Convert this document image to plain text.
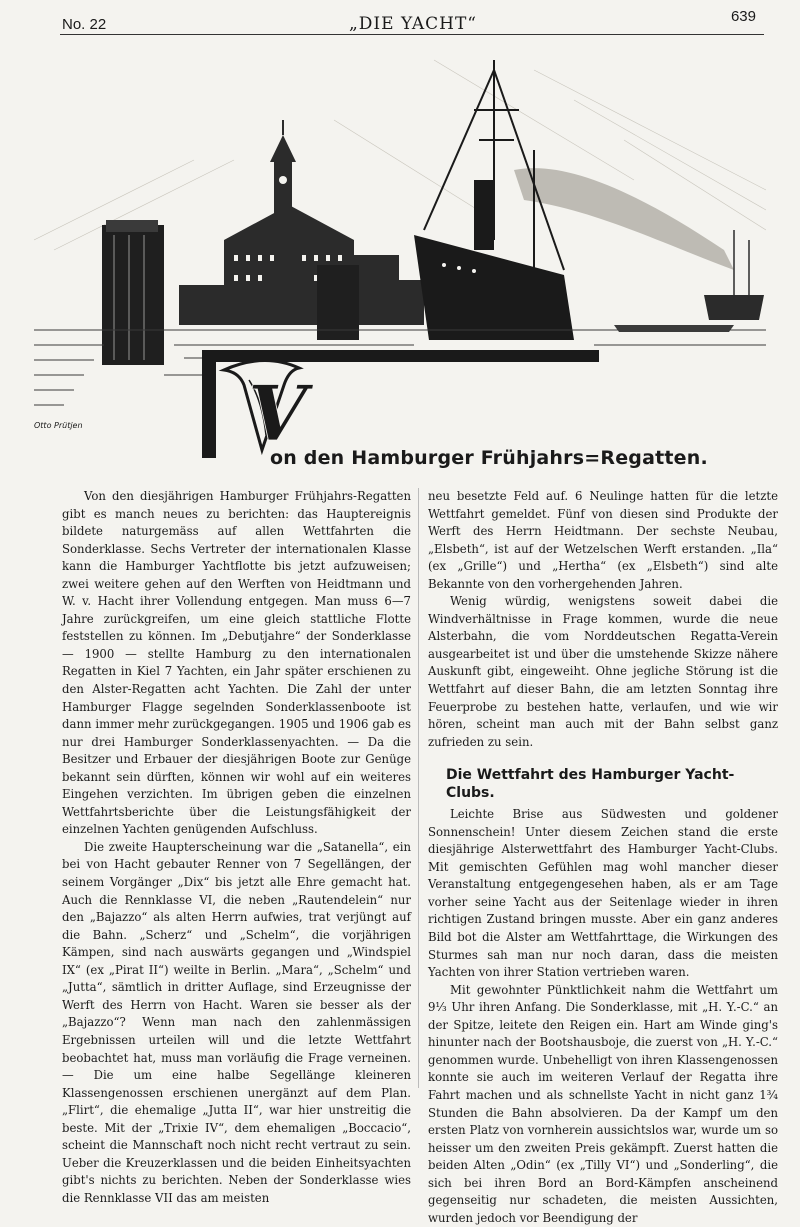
No. 22	„DIE YACHT“	639
V
Otto Prütjen
on den Hamburger Frühjahrs=Regatten.

Von den diesjährigen Hamburger Frühjahrs-Regatten gibt es manch neues zu berichten: das Hauptereignis bildete naturgemäss auf allen Wettfahrten die Sonderklasse. Sechs Vertreter der internationalen Klasse kann die Hamburger Yachtflotte bis jetzt aufzuweisen; zwei weitere gehen auf den Werften von Heidtmann und W. v. Hacht ihrer Vollendung entgegen. Man muss 6—7 Jahre zurückgreifen, um eine gleich stattliche Flotte feststellen zu können. Im „Debutjahre“ der Sonderklasse — 1900 — stellte Hamburg zu den internationalen Regatten in Kiel 7 Yachten, ein Jahr später erschienen zu den Alster-Regatten acht Yachten. Die Zahl der unter Hamburger Flagge segelnden Sonderklassenboote ist dann immer mehr zurückgegangen. 1905 und 1906 gab es nur drei Hamburger Sonderklassenyachten. — Da die Besitzer und Erbauer der diesjährigen Boote zur Genüge bekannt sein dürften, können wir wohl auf ein weiteres Eingehen verzichten. Im übrigen geben die einzelnen Wettfahrtsberichte über die Leistungsfähigkeit der einzelnen Yachten genügenden Aufschluss.

Die zweite Haupterscheinung war die „Satanella“, ein bei von Hacht gebauter Renner von 7 Segellängen, der seinem Vorgänger „Dix“ bis jetzt alle Ehre gemacht hat. Auch die Rennklasse VI, die neben „Rautendelein“ nur den „Bajazzo“ als alten Herrn aufwies, trat verjüngt auf die Bahn. „Scherz“ und „Schelm“, die vorjährigen Kämpen, sind nach auswärts gegangen und „Windspiel IX“ (ex „Pirat II“) weilte in Berlin. „Mara“, „Schelm“ und „Jutta“, sämtlich in dritter Auflage, sind Erzeugnisse der Werft des Herrn von Hacht. Waren sie besser als der „Bajazzo“? Wenn man nach den zahlenmässigen Ergebnissen urteilen will und die letzte Wettfahrt beobachtet hat, muss man vorläufig die Frage verneinen. — Die um eine halbe Segellänge kleineren Klassengenossen erschienen unergänzt auf dem Plan. „Flirt“, die ehemalige „Jutta II“, war hier unstreitig die beste. Mit der „Trixie IV“, dem ehemaligen „Boccacio“, scheint die Mannschaft noch nicht recht vertraut zu sein. Ueber die Kreuzerklassen und die beiden Einheitsyachten gibt's nichts zu berichten. Neben der Sonderklasse wies die Rennklasse VII das am meisten

neu besetzte Feld auf. 6 Neulinge hatten für die letzte Wettfahrt gemeldet. Fünf von diesen sind Produkte der Werft des Herrn Heidtmann. Der sechste Neubau, „Elsbeth“, ist auf der Wetzelschen Werft erstanden. „Ila“ (ex „Grille“) und „Hertha“ (ex „Elsbeth“) sind alte Bekannte von den vorhergehenden Jahren.

Wenig würdig, wenigstens soweit dabei die Windverhältnisse in Frage kommen, wurde die neue Alsterbahn, die vom Norddeutschen Regatta-Verein ausgearbeitet ist und über die umstehende Skizze nähere Auskunft gibt, eingeweiht. Ohne jegliche Störung ist die Wettfahrt auf dieser Bahn, die am letzten Sonntag ihre Feuerprobe zu bestehen hatte, verlaufen, und wie wir hören, scheint man auch mit der Bahn selbst ganz zufrieden zu sein.

Die Wettfahrt des Hamburger Yacht-Clubs.

Leichte Brise aus Südwesten und goldener Sonnenschein! Unter diesem Zeichen stand die erste diesjährige Alsterwettfahrt des Hamburger Yacht-Clubs. Mit gemischten Gefühlen mag wohl mancher dieser Veranstaltung entgegengesehen haben, als er am Tage vorher seine Yacht aus der Seitenlage wieder in ihren richtigen Zustand bringen musste. Aber ein ganz anderes Bild bot die Alster am Wettfahrttage, die Wirkungen des Sturmes sah man nur noch daran, dass die meisten Yachten von ihrer Station vertrieben waren.

Mit gewohnter Pünktlichkeit nahm die Wettfahrt um 9⅓ Uhr ihren Anfang. Die Sonderklasse, mit „H. Y.-C.“ an der Spitze, leitete den Reigen ein. Hart am Winde ging's hinunter nach der Bootshausboje, die zuerst von „H. Y.-C.“ genommen wurde. Unbehelligt von ihren Klassengenossen konnte sie auch im weiteren Verlauf der Regatta ihre Fahrt machen und als schnellste Yacht in nicht ganz 1¾ Stunden die Bahn absolvieren. Da der Kampf um den ersten Platz von vornherein aussichtslos war, wurde um so heisser um den zweiten Preis gekämpft. Zuerst hatten die beiden Alten „Odin“ (ex „Tilly VI“) und „Sonderling“, die sich bei ihren Bord an Bord-Kämpfen anscheinend gegenseitig nur schadeten, die meisten Aussichten, wurden jedoch vor Beendigung der
